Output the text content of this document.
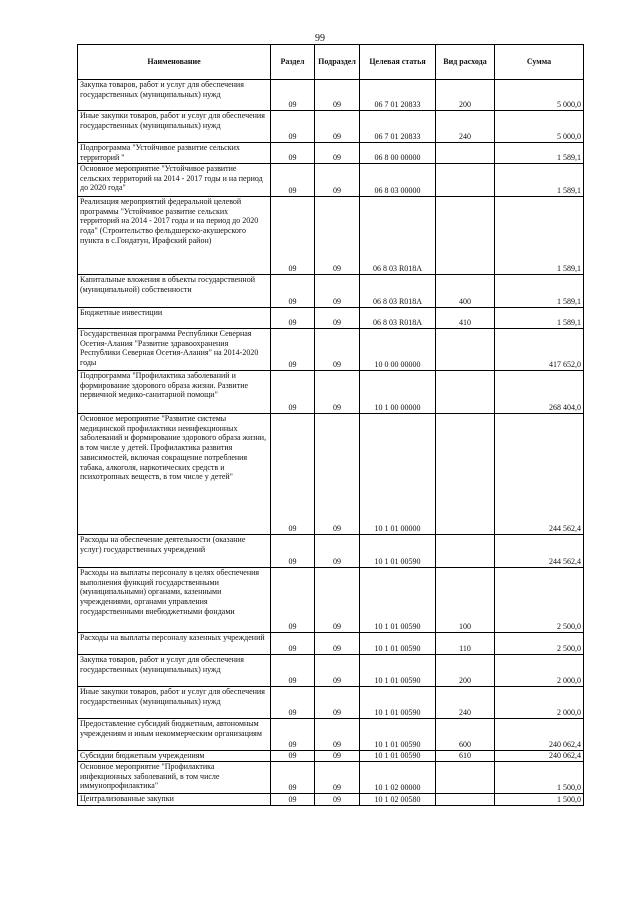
99
Наименование	Раздел	Подраздел	Целевая статья	Вид расхода	Сумма
Закупка товаров, работ и услуг для обеспечения государственных (муниципальных) нужд	09	09	06 7 01 20833	200	5 000,0
Иные закупки товаров, работ и услуг для обеспечения государственных (муниципальных) нужд	09	09	06 7 01 20833	240	5 000,0
Подпрограмма "Устойчивое развитие сельских территорий "	09	09	06 8 00 00000		1 589,1
Основное мероприятие "Устойчивое развитие сельских территорий на 2014 - 2017 годы и на период до 2020 года"	09	09	06 8 03 00000		1 589,1
Реализация мероприятий федеральной целевой программы "Устойчивое развитие сельских территорий на 2014 - 2017 годы и на период до 2020 года" (Строительство фельдшерско-акушерского пункта в с.Гондатун, Ирафский район)	09	09	06 8 03 R018A		1 589,1
Капитальные вложения в объекты государственной (муниципальной) собственности	09	09	06 8 03 R018A	400	1 589,1
Бюджетные инвестиции	09	09	06 8 03 R018A	410	1 589,1
Государственная программа Республики Северная Осетия-Алания "Развитие здравоохранения Республики Северная Осетия-Алания" на 2014-2020 годы	09	09	10 0 00 00000		417 652,0
Подпрограмма "Профилактика заболеваний и формирование здорового образа жизни. Развитие первичной медико-санитарной помощи"	09	09	10 1 00 00000		268 404,0
Основное мероприятие "Развитие системы медицинской профилактики неинфекционных заболеваний и формирование здорового образа жизни, в том числе у детей. Профилактика развития зависимостей, включая сокращение потребления табака, алкоголя, наркотических средств и психотропных веществ, в том числе у детей"	09	09	10 1 01 00000		244 562,4
Расходы на обеспечение деятельности (оказание услуг) государственных учреждений	09	09	10 1 01 00590		244 562,4
Расходы на выплаты персоналу в целях обеспечения выполнения функций государственными (муниципальными) органами, казенными учреждениями, органами управления государственными внебюджетными фондами	09	09	10 1 01 00590	100	2 500,0
Расходы на выплаты персоналу казенных учреждений	09	09	10 1 01 00590	110	2 500,0
Закупка товаров, работ и услуг для обеспечения государственных (муниципальных) нужд	09	09	10 1 01 00590	200	2 000,0
Иные закупки товаров, работ и услуг для обеспечения государственных (муниципальных) нужд	09	09	10 1 01 00590	240	2 000,0
Предоставление субсидий бюджетным, автономным учреждениям и иным некоммерческим организациям	09	09	10 1 01 00590	600	240 062,4
Субсидии бюджетным учреждениям	09	09	10 1 01 00590	610	240 062,4
Основное мероприятие "Профилактика инфекционных заболеваний, в том числе иммунопрофилактика"	09	09	10 1 02 00000		1 500,0
Централизованные закупки	09	09	10 1 02 00580		1 500,0
